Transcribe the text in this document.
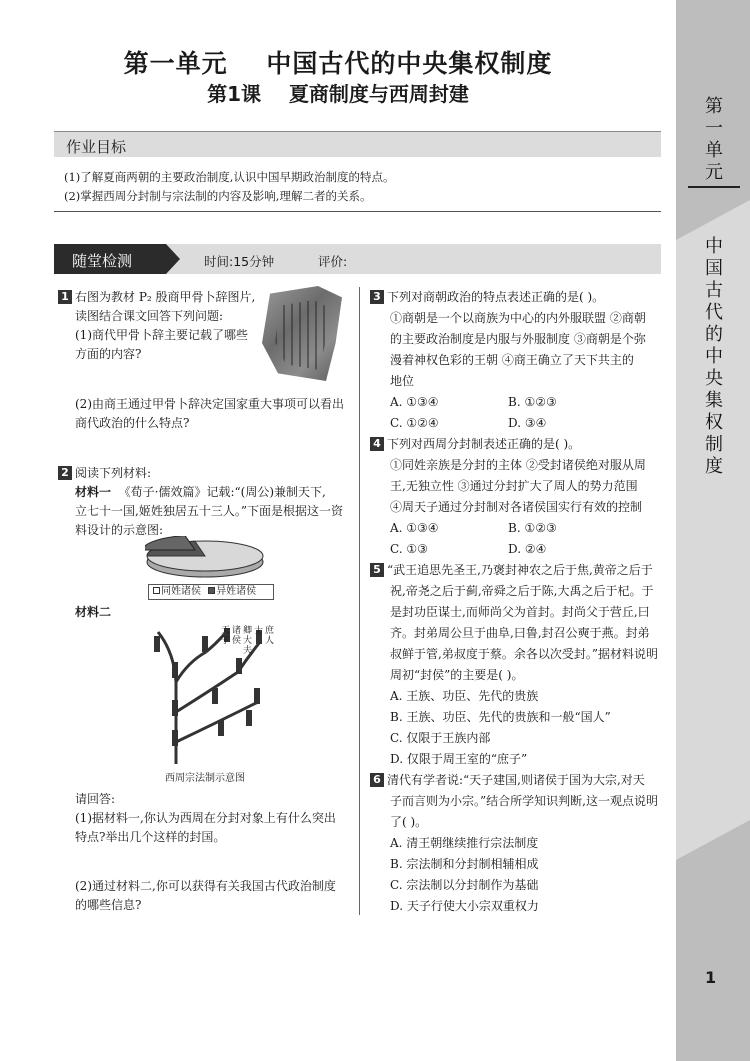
第一单元
中国古代的中央集权制度
1
第一单元    中国古代的中央集权制度
第1课    夏商制度与西周封建
作业目标
(1)了解夏商两朝的主要政治制度,认识中国早期政治制度的特点。
(2)掌握西周分封制与宗法制的内容及影响,理解二者的关系。
随堂检测	时间:15分钟	评价:
1 右图为教材 P₂ 殷商甲骨卜辞图片,
读图结合课文回答下列问题:
(1)商代甲骨卜辞主要记载了哪些
方面的内容?
(2)由商王通过甲骨卜辞决定国家重大事项可以看出
商代政治的什么特点?
2 阅读下列材料:
材料一 《荀子·儒效篇》记载:“(周公)兼制天下,
立七十一国,姬姓独居五十三人。”下面是根据这一资
料设计的示意图:
同姓诸侯 异姓诸侯
材料二
天子
诸侯
卿大夫
士 庶人
西周宗法制示意图
请回答:
(1)据材料一,你认为西周在分封对象上有什么突出
特点?举出几个这样的封国。
(2)通过材料二,你可以获得有关我国古代政治制度
的哪些信息?
3 下列对商朝政治的特点表述正确的是( )。
①商朝是一个以商族为中心的内外服联盟 ②商朝
的主要政治制度是内服与外服制度 ③商朝是个弥
漫着神权色彩的王朝 ④商王确立了天下共主的
地位
A. ①③④	B. ①②③
C. ①②④	D. ③④
4 下列对西周分封制表述正确的是( )。
①同姓亲族是分封的主体 ②受封诸侯绝对服从周
王,无独立性 ③通过分封扩大了周人的势力范围
④周天子通过分封制对各诸侯国实行有效的控制
A. ①③④	B. ①②③
C. ①③	D. ②④
5 “武王追思先圣王,乃褒封神农之后于焦,黄帝之后于
祝,帝尧之后于蓟,帝舜之后于陈,大禹之后于杞。于
是封功臣谋士,而师尚父为首封。封尚父于营丘,曰
齐。封弟周公旦于曲阜,曰鲁,封召公奭于燕。封弟
叔鲜于管,弟叔度于蔡。余各以次受封。”据材料说明
周初“封侯”的主要是( )。
A. 王族、功臣、先代的贵族
B. 王族、功臣、先代的贵族和一般“国人”
C. 仅限于王族内部
D. 仅限于周王室的“庶子”
6 清代有学者说:“天子建国,则诸侯于国为大宗,对天
子而言则为小宗。”结合所学知识判断,这一观点说明
了( )。
A. 清王朝继续推行宗法制度
B. 宗法制和分封制相辅相成
C. 宗法制以分封制作为基础
D. 天子行使大小宗双重权力
